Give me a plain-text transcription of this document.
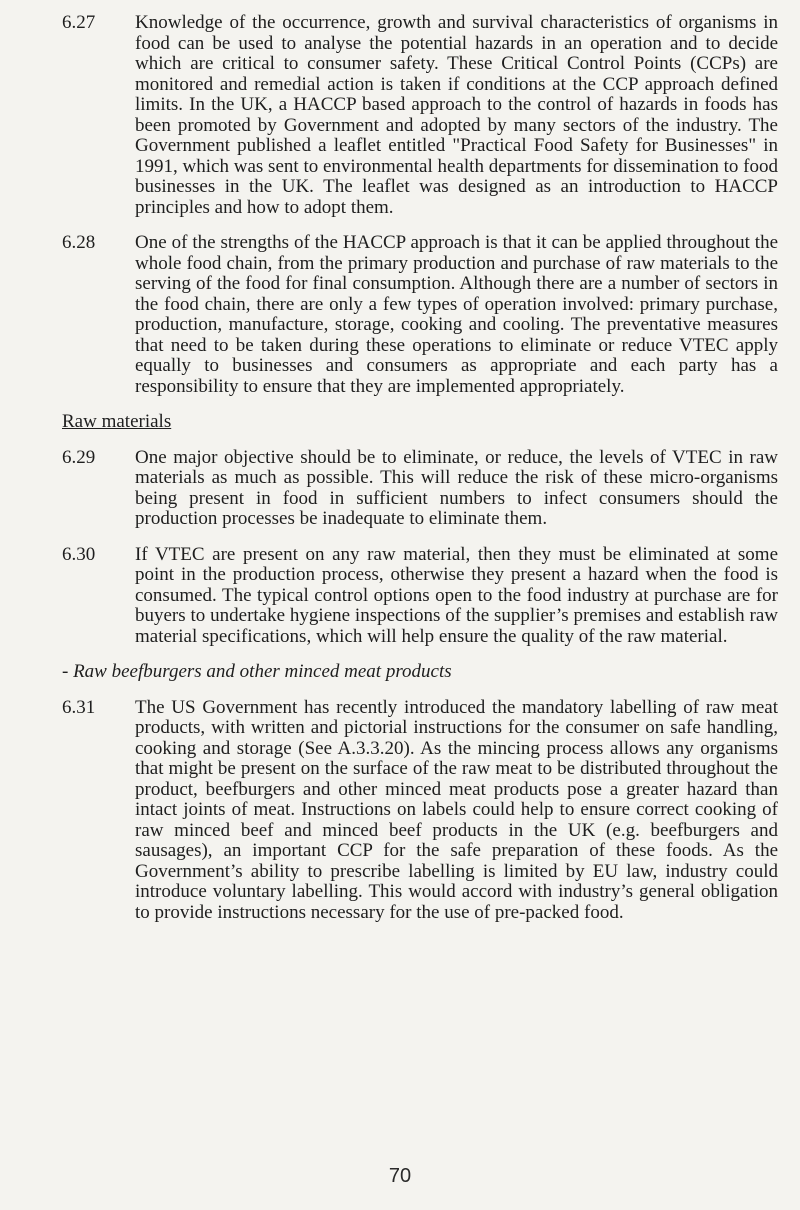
6.27	Knowledge of the occurrence, growth and survival characteristics of organisms in food can be used to analyse the potential hazards in an operation and to decide which are critical to consumer safety. These Critical Control Points (CCPs) are monitored and remedial action is taken if conditions at the CCP approach defined limits. In the UK, a HACCP based approach to the control of hazards in foods has been promoted by Government and adopted by many sectors of the industry. The Government published a leaflet entitled "Practical Food Safety for Businesses" in 1991, which was sent to environmental health departments for dissemination to food businesses in the UK. The leaflet was designed as an introduction to HACCP principles and how to adopt them.
6.28	One of the strengths of the HACCP approach is that it can be applied throughout the whole food chain, from the primary production and purchase of raw materials to the serving of the food for final consumption. Although there are a number of sectors in the food chain, there are only a few types of operation involved: primary purchase, production, manufacture, storage, cooking and cooling. The preventative measures that need to be taken during these operations to eliminate or reduce VTEC apply equally to businesses and consumers as appropriate and each party has a responsibility to ensure that they are implemented appropriately.
Raw materials
6.29	One major objective should be to eliminate, or reduce, the levels of VTEC in raw materials as much as possible. This will reduce the risk of these micro-organisms being present in food in sufficient numbers to infect consumers should the production processes be inadequate to eliminate them.
6.30	If VTEC are present on any raw material, then they must be eliminated at some point in the production process, otherwise they present a hazard when the food is consumed. The typical control options open to the food industry at purchase are for buyers to undertake hygiene inspections of the supplier’s premises and establish raw material specifications, which will help ensure the quality of the raw material.
- Raw beefburgers and other minced meat products
6.31	The US Government has recently introduced the mandatory labelling of raw meat products, with written and pictorial instructions for the consumer on safe handling, cooking and storage (See A.3.3.20). As the mincing process allows any organisms that might be present on the surface of the raw meat to be distributed throughout the product, beefburgers and other minced meat products pose a greater hazard than intact joints of meat. Instructions on labels could help to ensure correct cooking of raw minced beef and minced beef products in the UK (e.g. beefburgers and sausages), an important CCP for the safe preparation of these foods. As the Government’s ability to prescribe labelling is limited by EU law, industry could introduce voluntary labelling. This would accord with industry’s general obligation to provide instructions necessary for the use of pre-packed food.
70
